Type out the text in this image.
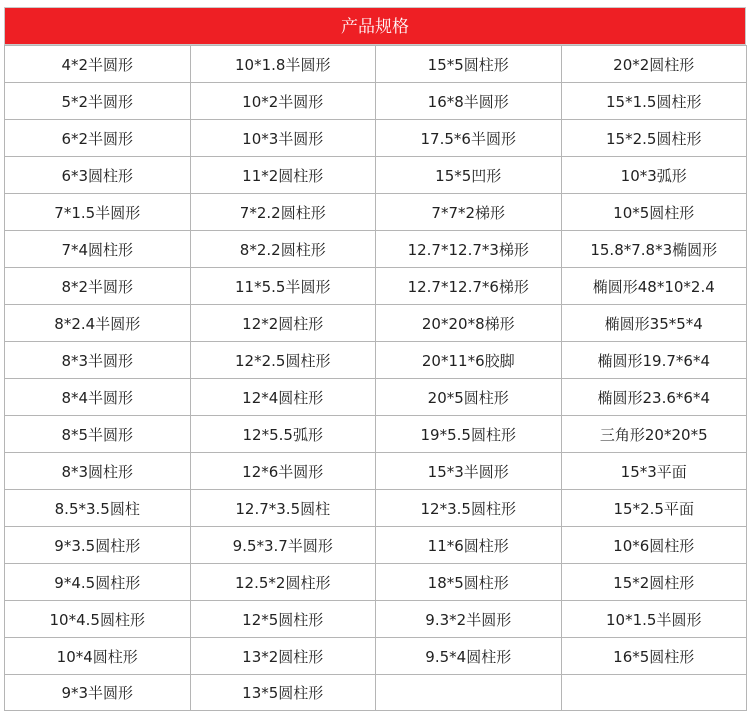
产品规格
4*2半圆形	10*1.8半圆形	15*5圆柱形	20*2圆柱形
5*2半圆形	10*2半圆形	16*8半圆形	15*1.5圆柱形
6*2半圆形	10*3半圆形	17.5*6半圆形	15*2.5圆柱形
6*3圆柱形	11*2圆柱形	15*5凹形	10*3弧形
7*1.5半圆形	7*2.2圆柱形	7*7*2梯形	10*5圆柱形
7*4圆柱形	8*2.2圆柱形	12.7*12.7*3梯形	15.8*7.8*3椭圆形
8*2半圆形	11*5.5半圆形	12.7*12.7*6梯形	椭圆形48*10*2.4
8*2.4半圆形	12*2圆柱形	20*20*8梯形	椭圆形35*5*4
8*3半圆形	12*2.5圆柱形	20*11*6胶脚	椭圆形19.7*6*4
8*4半圆形	12*4圆柱形	20*5圆柱形	椭圆形23.6*6*4
8*5半圆形	12*5.5弧形	19*5.5圆柱形	三角形20*20*5
8*3圆柱形	12*6半圆形	15*3半圆形	15*3平面
8.5*3.5圆柱	12.7*3.5圆柱	12*3.5圆柱形	15*2.5平面
9*3.5圆柱形	9.5*3.7半圆形	11*6圆柱形	10*6圆柱形
9*4.5圆柱形	12.5*2圆柱形	18*5圆柱形	15*2圆柱形
10*4.5圆柱形	12*5圆柱形	9.3*2半圆形	10*1.5半圆形
10*4圆柱形	13*2圆柱形	9.5*4圆柱形	16*5圆柱形
9*3半圆形	13*5圆柱形		
